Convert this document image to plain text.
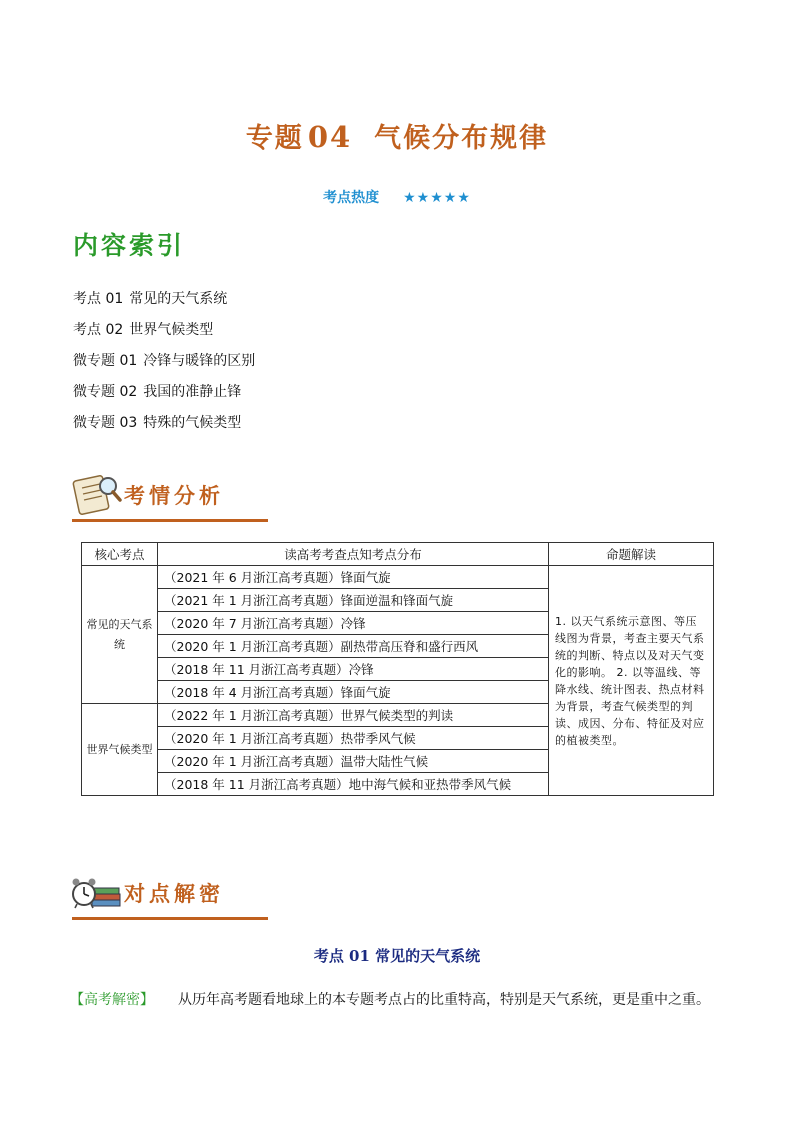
专题 04 气候分布规律
考点热度 ★★★★★
内容索引
考点 01 常见的天气系统
考点 02 世界气候类型
微专题 01 冷锋与暖锋的区别
微专题 02 我国的准静止锋
微专题 03 特殊的气候类型
考情分析
核心考点	读高考考查点知考点分布	命题解读
常见的天气系统	（2021 年 6 月浙江高考真题）锋面气旋	1. 以天气系统示意图、等压线图为背景，考查主要天气系统的判断、特点以及对天气变化的影响。 2. 以等温线、等降水线、统计图表、热点材料为背景，考查气候类型的判读、成因、分布、特征及对应的植被类型。
	（2021 年 1 月浙江高考真题）锋面逆温和锋面气旋	
	（2020 年 7 月浙江高考真题）冷锋	
	（2020 年 1 月浙江高考真题）副热带高压脊和盛行西风	
	（2018 年 11 月浙江高考真题）冷锋	
	（2018 年 4 月浙江高考真题）锋面气旋	
世界气候类型	（2022 年 1 月浙江高考真题）世界气候类型的判读	
	（2020 年 1 月浙江高考真题）热带季风气候	
	（2020 年 1 月浙江高考真题）温带大陆性气候	
	（2018 年 11 月浙江高考真题）地中海气候和亚热带季风气候	
对点解密
考点 01 常见的天气系统
【高考解密】 从历年高考题看地球上的本专题考点占的比重特高，特别是天气系统，更是重中之重。
